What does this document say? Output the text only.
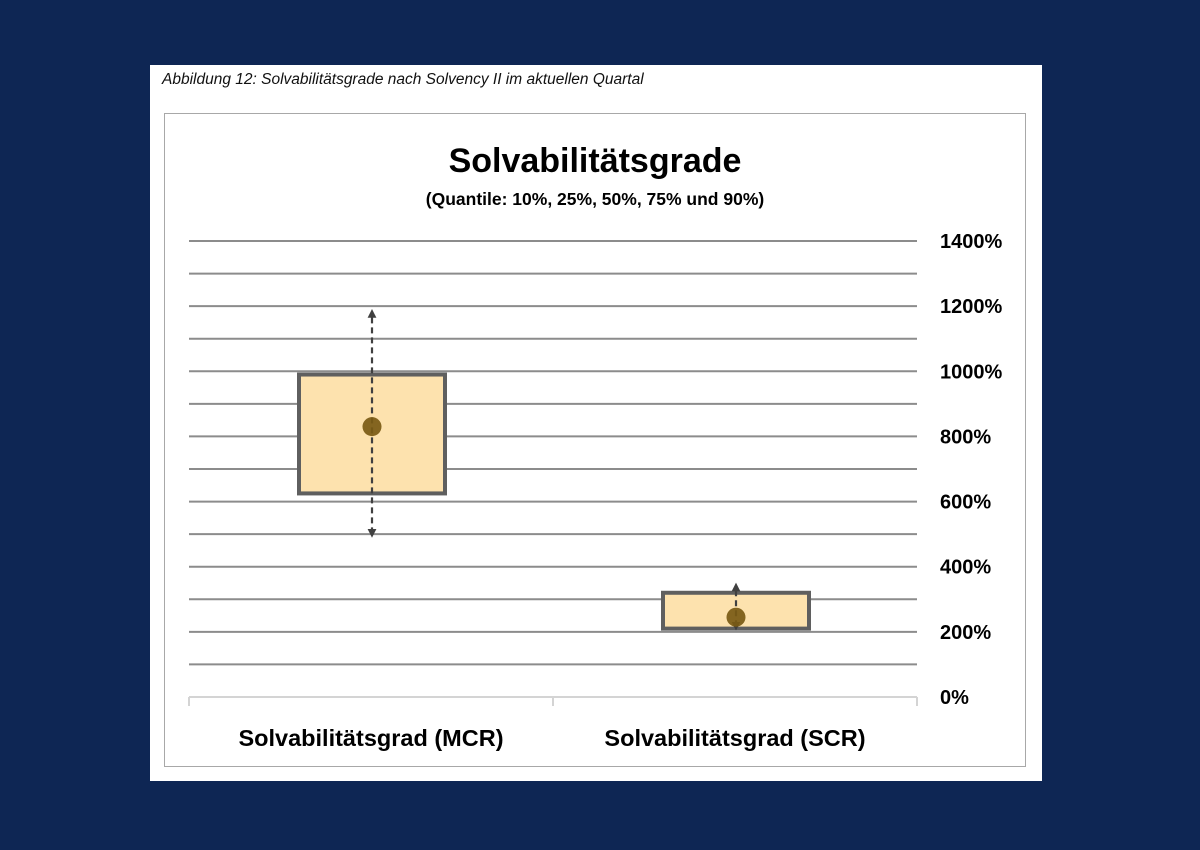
Abbildung 12: Solvabilitätsgrade nach Solvency II im aktuellen Quartal
Solvabilitätsgrade
(Quantile: 10%, 25%, 50%, 75% und 90%)
0%
200%
400%
600%
800%
1000%
1200%
1400%
Solvabilitätsgrad (MCR)	Solvabilitätsgrad (SCR)
